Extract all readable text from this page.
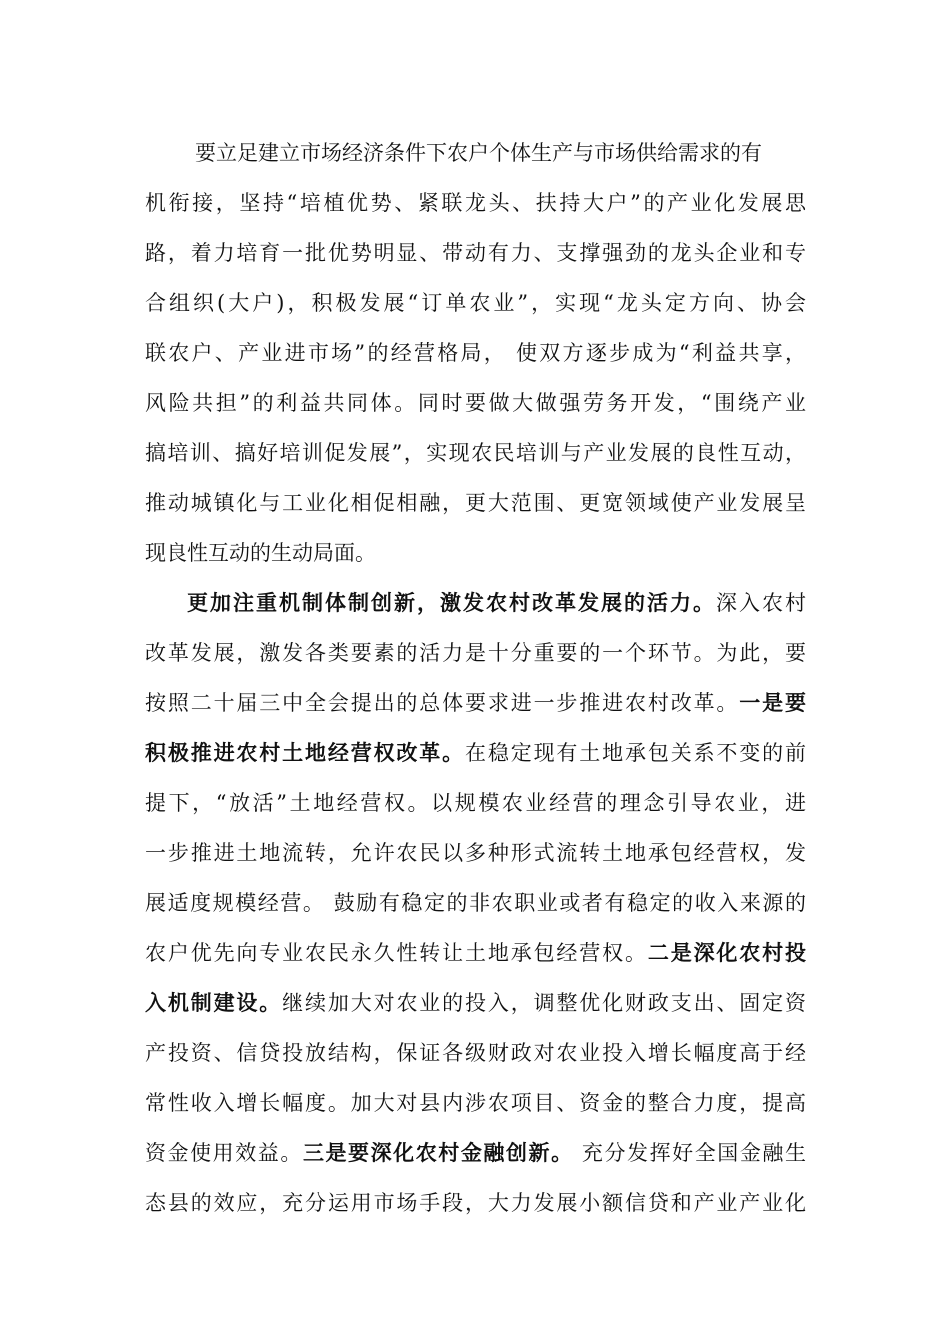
要立足建立市场经济条件下农户个体生产与市场供给需求的有
机衔接，坚持“培植优势、紧联龙头、扶持大户”的产业化发展思
路，着力培育一批优势明显、带动有力、支撑强劲的龙头企业和专
合组织(大户)，积极发展“订单农业”，实现“龙头定方向、协会
联农户、产业进市场”的经营格局， 使双方逐步成为“利益共享，
风险共担”的利益共同体。同时要做大做强劳务开发，“围绕产业
搞培训、搞好培训促发展”，实现农民培训与产业发展的良性互动，
推动城镇化与工业化相促相融，更大范围、更宽领域使产业发展呈
现良性互动的生动局面。
更加注重机制体制创新，激发农村改革发展的活力。深入农村
改革发展，激发各类要素的活力是十分重要的一个环节。为此，要
按照二十届三中全会提出的总体要求进一步推进农村改革。一是要
积极推进农村土地经营权改革。在稳定现有土地承包关系不变的前
提下，“放活”土地经营权。以规模农业经营的理念引导农业，进
一步推进土地流转，允许农民以多种形式流转土地承包经营权，发
展适度规模经营。 鼓励有稳定的非农职业或者有稳定的收入来源的
农户优先向专业农民永久性转让土地承包经营权。二是深化农村投
入机制建设。继续加大对农业的投入，调整优化财政支出、固定资
产投资、信贷投放结构，保证各级财政对农业投入增长幅度高于经
常性收入增长幅度。加大对县内涉农项目、资金的整合力度，提高
资金使用效益。三是要深化农村金融创新。 充分发挥好全国金融生
态县的效应，充分运用市场手段，大力发展小额信贷和产业产业化
